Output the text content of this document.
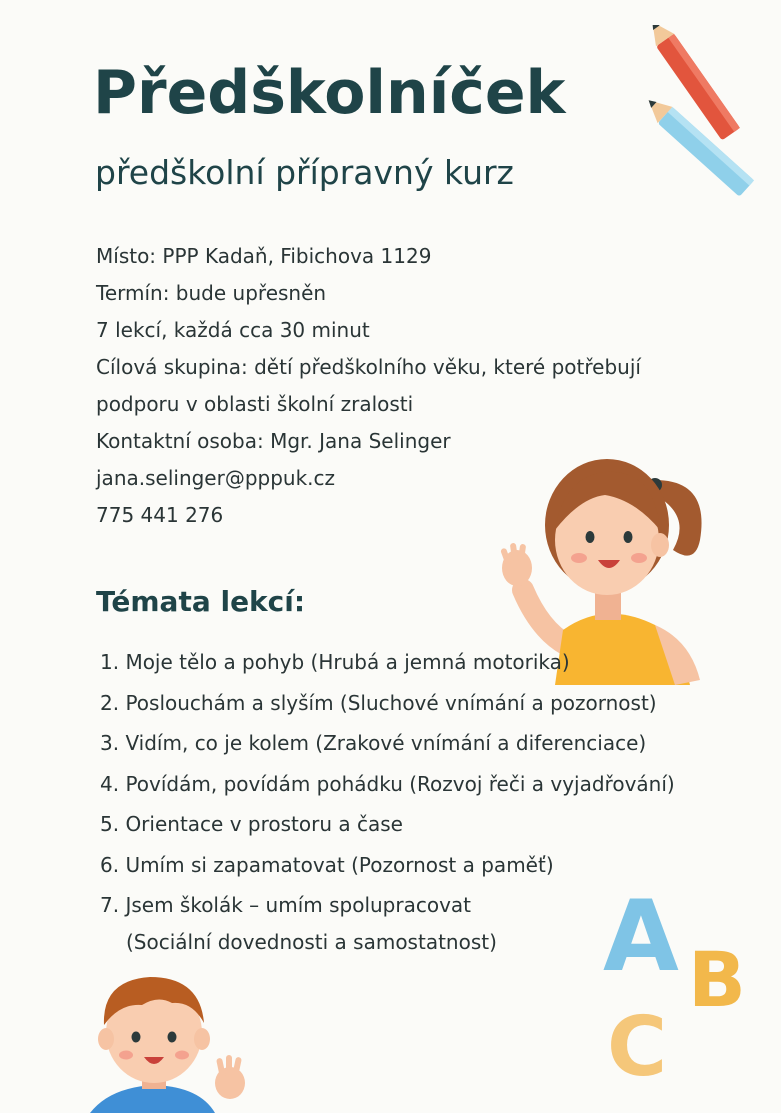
Předškolníček
předškolní přípravný kurz
Místo: PPP Kadaň, Fibichova 1129
Termín: bude upřesněn
7 lekcí, každá cca 30 minut
Cílová skupina: dětí předškolního věku, které potřebují
podporu v oblasti školní zralosti
Kontaktní osoba: Mgr. Jana Selinger
jana.selinger@pppuk.cz
775 441 276
Témata lekcí:
1. Moje tělo a pohyb (Hrubá a jemná motorika)
2. Poslouchám a slyším (Sluchové vnímání a pozornost)
3. Vidím, co je kolem (Zrakové vnímání a diferenciace)
4. Povídám, povídám pohádku (Rozvoj řeči a vyjadřování)
5. Orientace v prostoru a čase
6. Umím si zapamatovat (Pozornost a paměť)
7. Jsem školák – umím spolupracovat
(Sociální dovednosti a samostatnost)	A B
C
